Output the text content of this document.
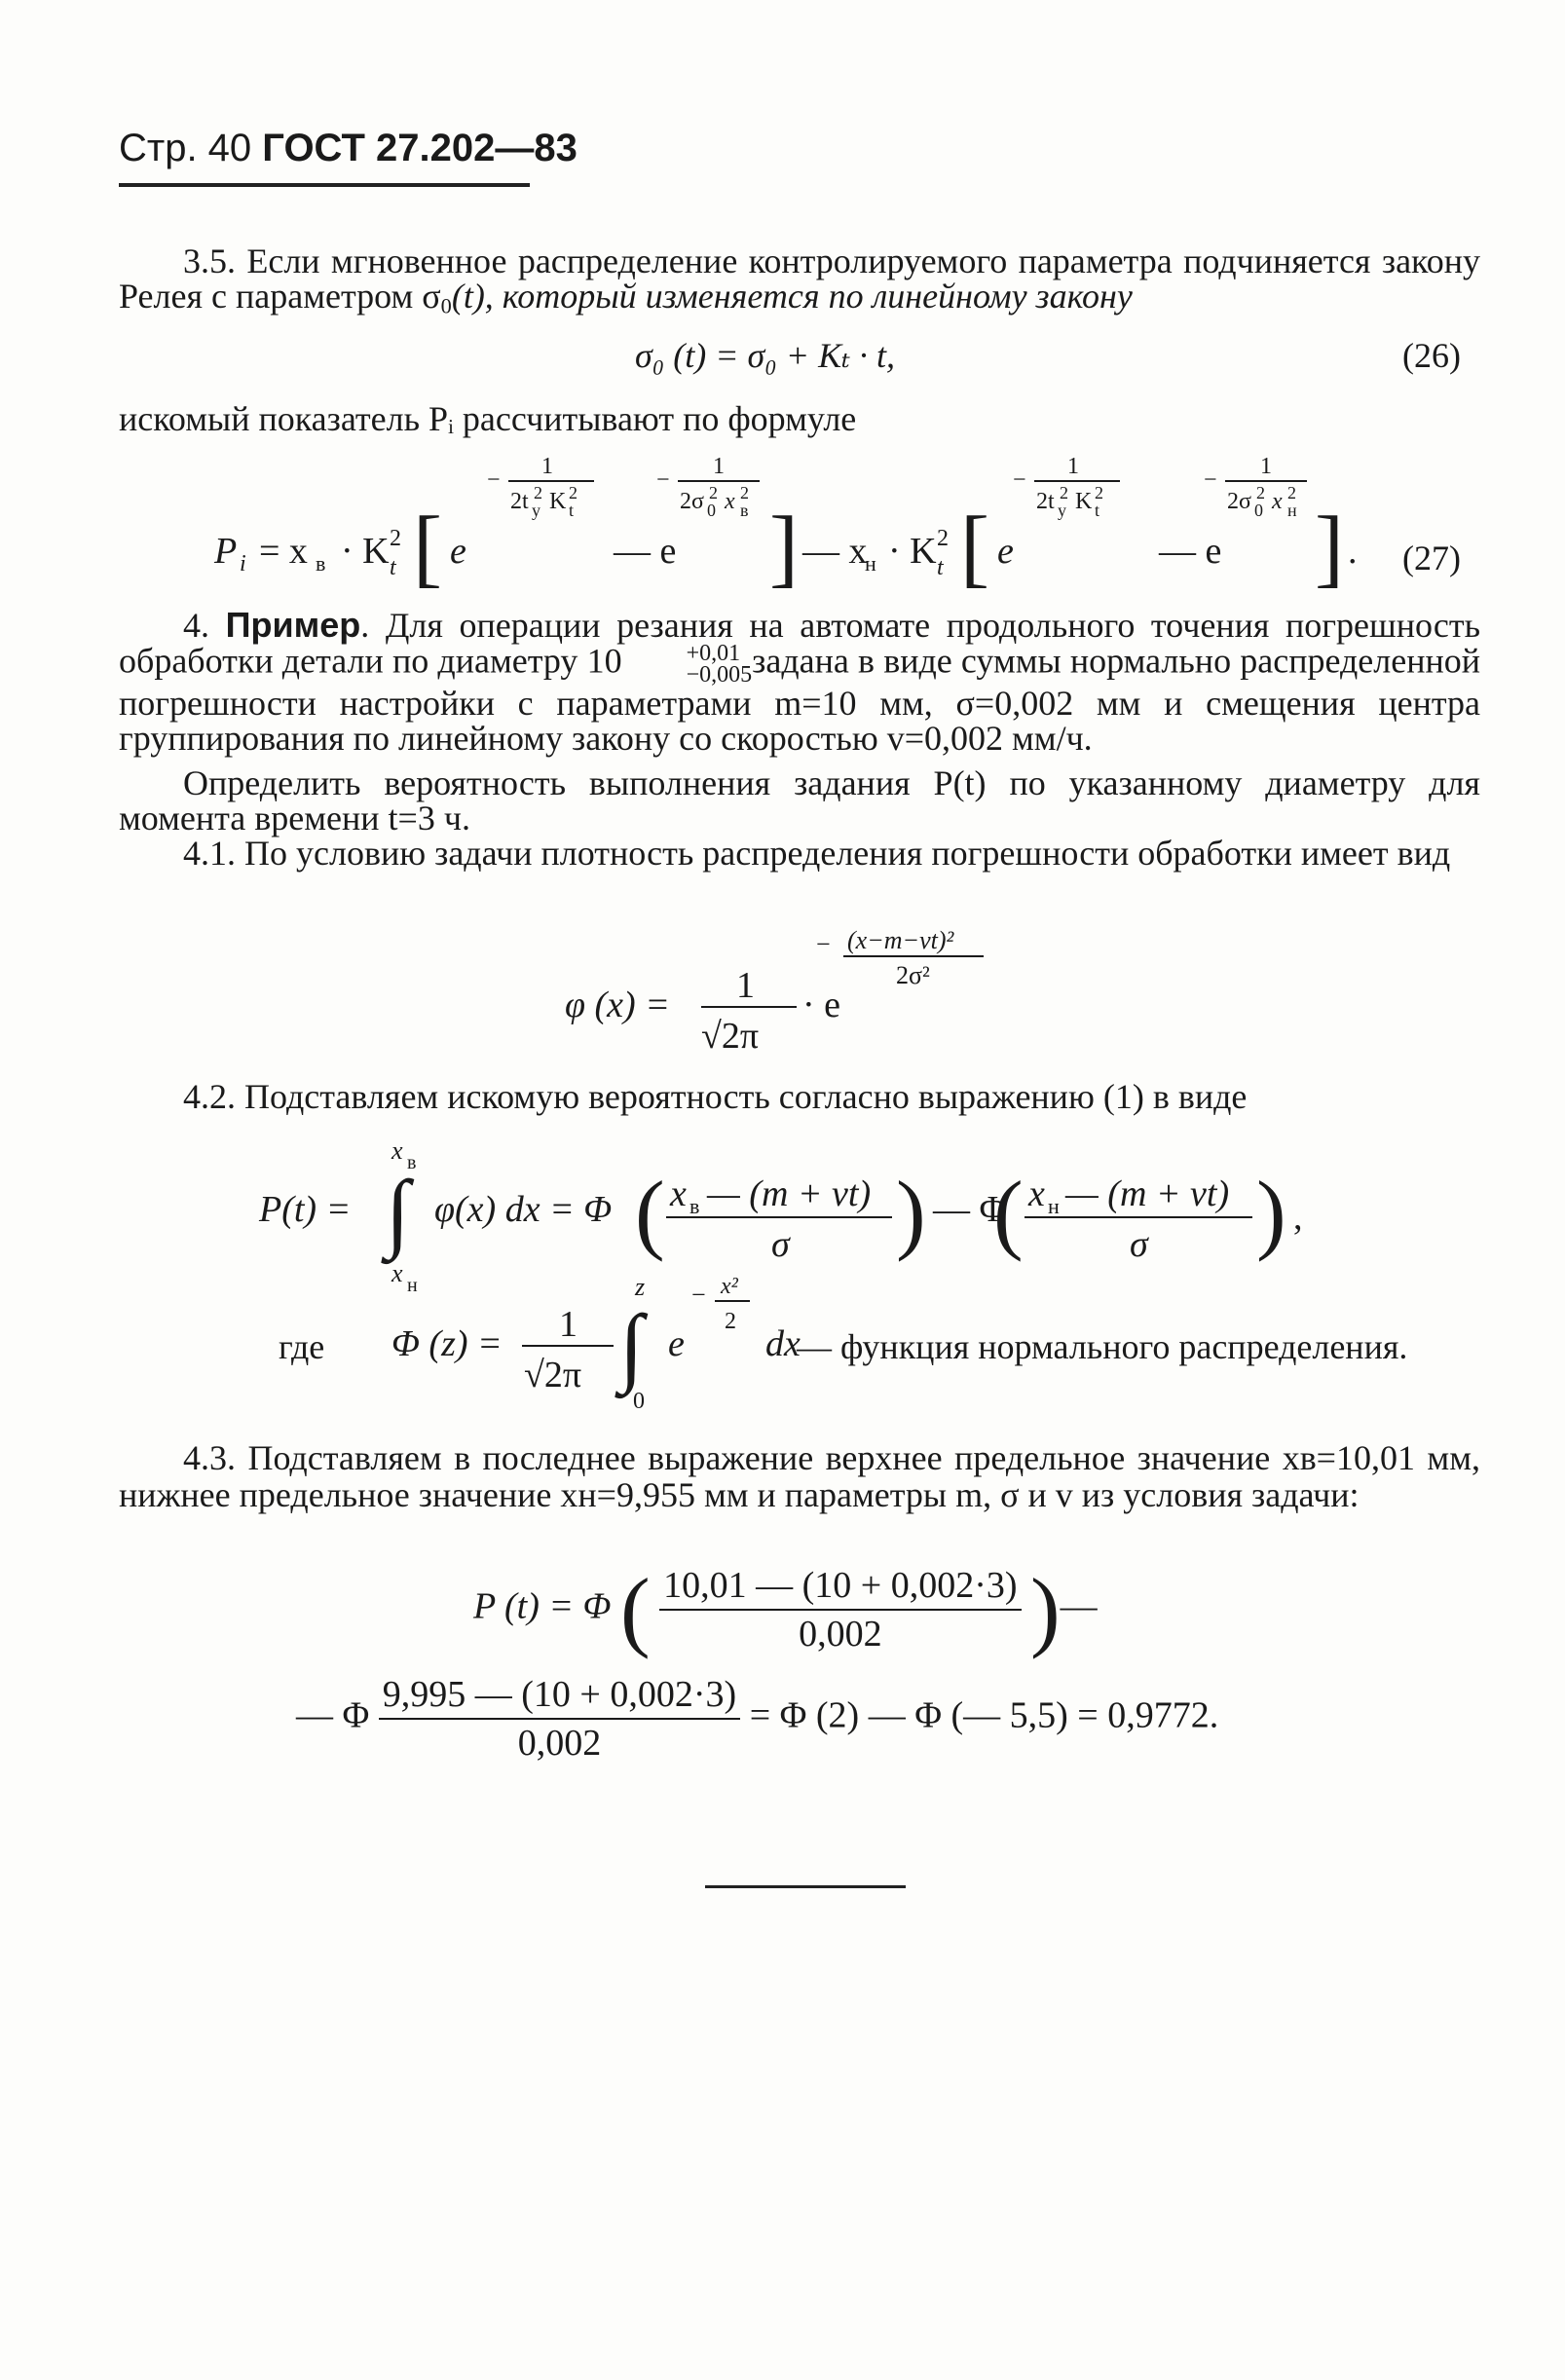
Стр. 40 ГОСТ 27.202—83
3.5. Если мгновенное распределение контролируемого параметра подчиняется закону Релея с параметром $\sigma_0(t)$, который изменяется по линейному закону
σ₀ (t) = σ₀ + Kₜ · t,	(26)
искомый показатель Pᵢ рассчитывают по формуле
P i = x в · K 2
t [ e
−
1
2t 2
y K 2
t
— e
−
1
2σ 2
0 x 2
в ] — x
н · K 2
t [ e
−
1
2t 2
y K 2
t
— e
−
1
2σ 2
0 x 2
н ] . (27)
4. Пример. Для операции резания на автомате продольного точения погрешность обработки детали по диаметру 10	+0,01
−0,005 задана в виде суммы нормально распределенной погрешности настройки с параметрами m=10 мм, σ=0,002 мм и смещения центра группирования по линейному закону со скоростью v=0,002 мм/ч.
Определить вероятность выполнения задания P(t) по указанному диаметру для момента времени t=3 ч.
4.1. По условию задачи плотность распределения погрешности обработки имеет вид
φ (x) = 1
√2π
· e
− (x−m−vt)²
2σ²
4.2. Подставляем искомую вероятность согласно выражению (1) в виде
P(t) = ∫
x в
x н
φ(x) dx = Φ ( x в — (m + vt)
σ ) — Φ
( x н — (m + vt)
σ ) ,
где Φ (z) = 1
√2π ∫
z
0
e
− x²
2
dx
— функция нормального распределения.
4.3. Подставляем в последнее выражение верхнее предельное значение xв=10,01 мм, нижнее предельное значение xн=9,955 мм и параметры m, σ и v из условия задачи:
P (t) = Φ ( $\frac{10,01 — (10 + 0,002\cdot 3)}{0,002}$ )—
— Φ $\frac{9,995 — (10 + 0,002\cdot 3)}{0,002} = \Phi$ (2) — Φ (— 5,5) = 0,9772.
